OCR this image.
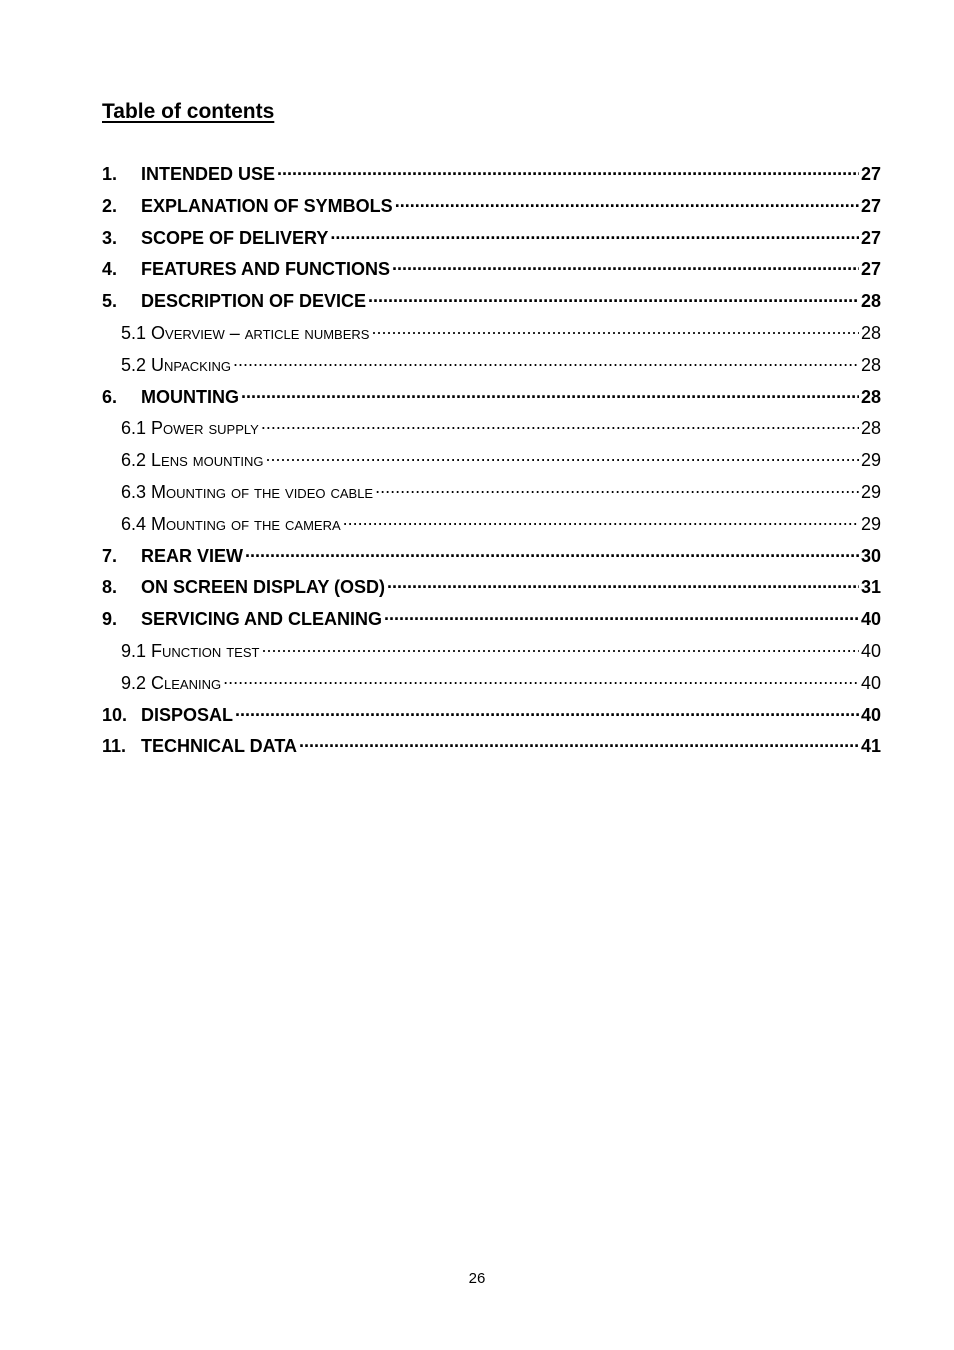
Table of contents
1.	INTENDED USE .....	27
2.	EXPLANATION OF SYMBOLS .....	27
3.	SCOPE OF DELIVERY .....	27
4.	FEATURES AND FUNCTIONS .....	27
5.	DESCRIPTION OF DEVICE .....	28
5.1 Overview – article numbers .....	28
5.2 Unpacking .....	28
6.	MOUNTING .....	28
6.1 Power supply .....	28
6.2 Lens mounting .....	29
6.3 Mounting of the video cable .....	29
6.4 Mounting of the camera .....	29
7.	REAR VIEW .....	30
8.	ON SCREEN DISPLAY (OSD) .....	31
9.	SERVICING AND CLEANING .....	40
9.1 Function test .....	40
9.2 Cleaning .....	40
10. DISPOSAL .....	40
11. TECHNICAL DATA .....	41
26
